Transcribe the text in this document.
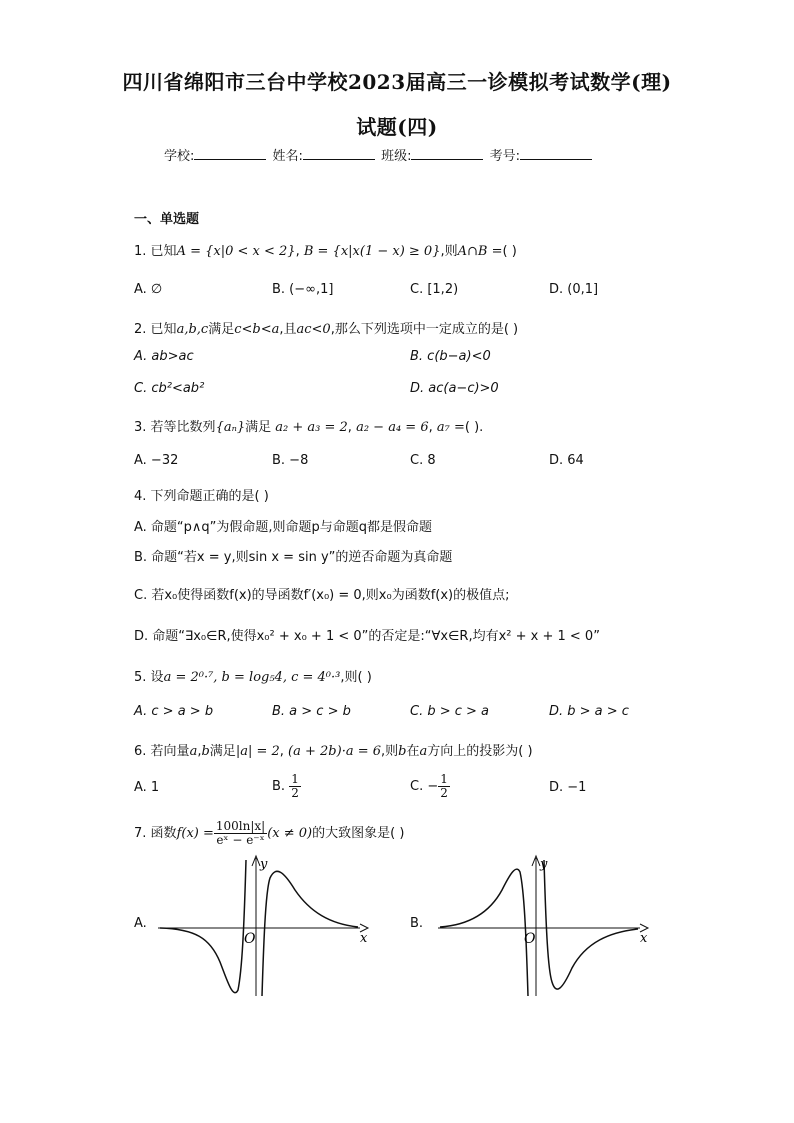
四川省绵阳市三台中学校2023届高三一诊模拟考试数学(理)
试题(四)
学校:	姓名:	班级:	考号:
一、单选题
1. 已知A = {x|0 < x < 2}, B = {x|x(1 − x) ≥ 0},则A∩B =( )
A. ∅	B. (−∞,1]	C. [1,2)	D. (0,1]
2. 已知a,b,c满足c<b<a,且ac<0,那么下列选项中一定成立的是( )
A. ab>ac	B. c(b−a)<0
C. cb²<ab²	D. ac(a−c)>0
3. 若等比数列{aₙ}满足 a₂ + a₃ = 2, a₂ − a₄ = 6, a₇ =( ).
A. −32	B. −8	C. 8	D. 64
4. 下列命题正确的是( )
A. 命题“p∧q”为假命题,则命题p与命题q都是假命题
B. 命题“若x = y,则sin x = sin y”的逆否命题为真命题
C. 若x₀使得函数f(x)的导函数f′(x₀) = 0,则x₀为函数f(x)的极值点;
D. 命题“∃x₀∈R,使得x₀² + x₀ + 1 < 0”的否定是:“∀x∈R,均有x² + x + 1 < 0”
5. 设a = 2⁰·⁷, b = log₅4, c = 4⁰·³,则( )
A. c > a > b	B. a > c > b	C. b > c > a	D. b > a > c
6. 若向量a,b满足|a| = 2, (a + 2b)·a = 6,则b在a方向上的投影为( )
A. 1	B. $\frac{1}{2}$	C. − $\frac{1}{2}$	D. −1
7. 函数$f(x) = \frac{100\ln|x|}{\text{eˣ − e⁻ˣ}} (x \ne 0)$的大致图象是( )
A.
O	x
y
B.
O	x
y
